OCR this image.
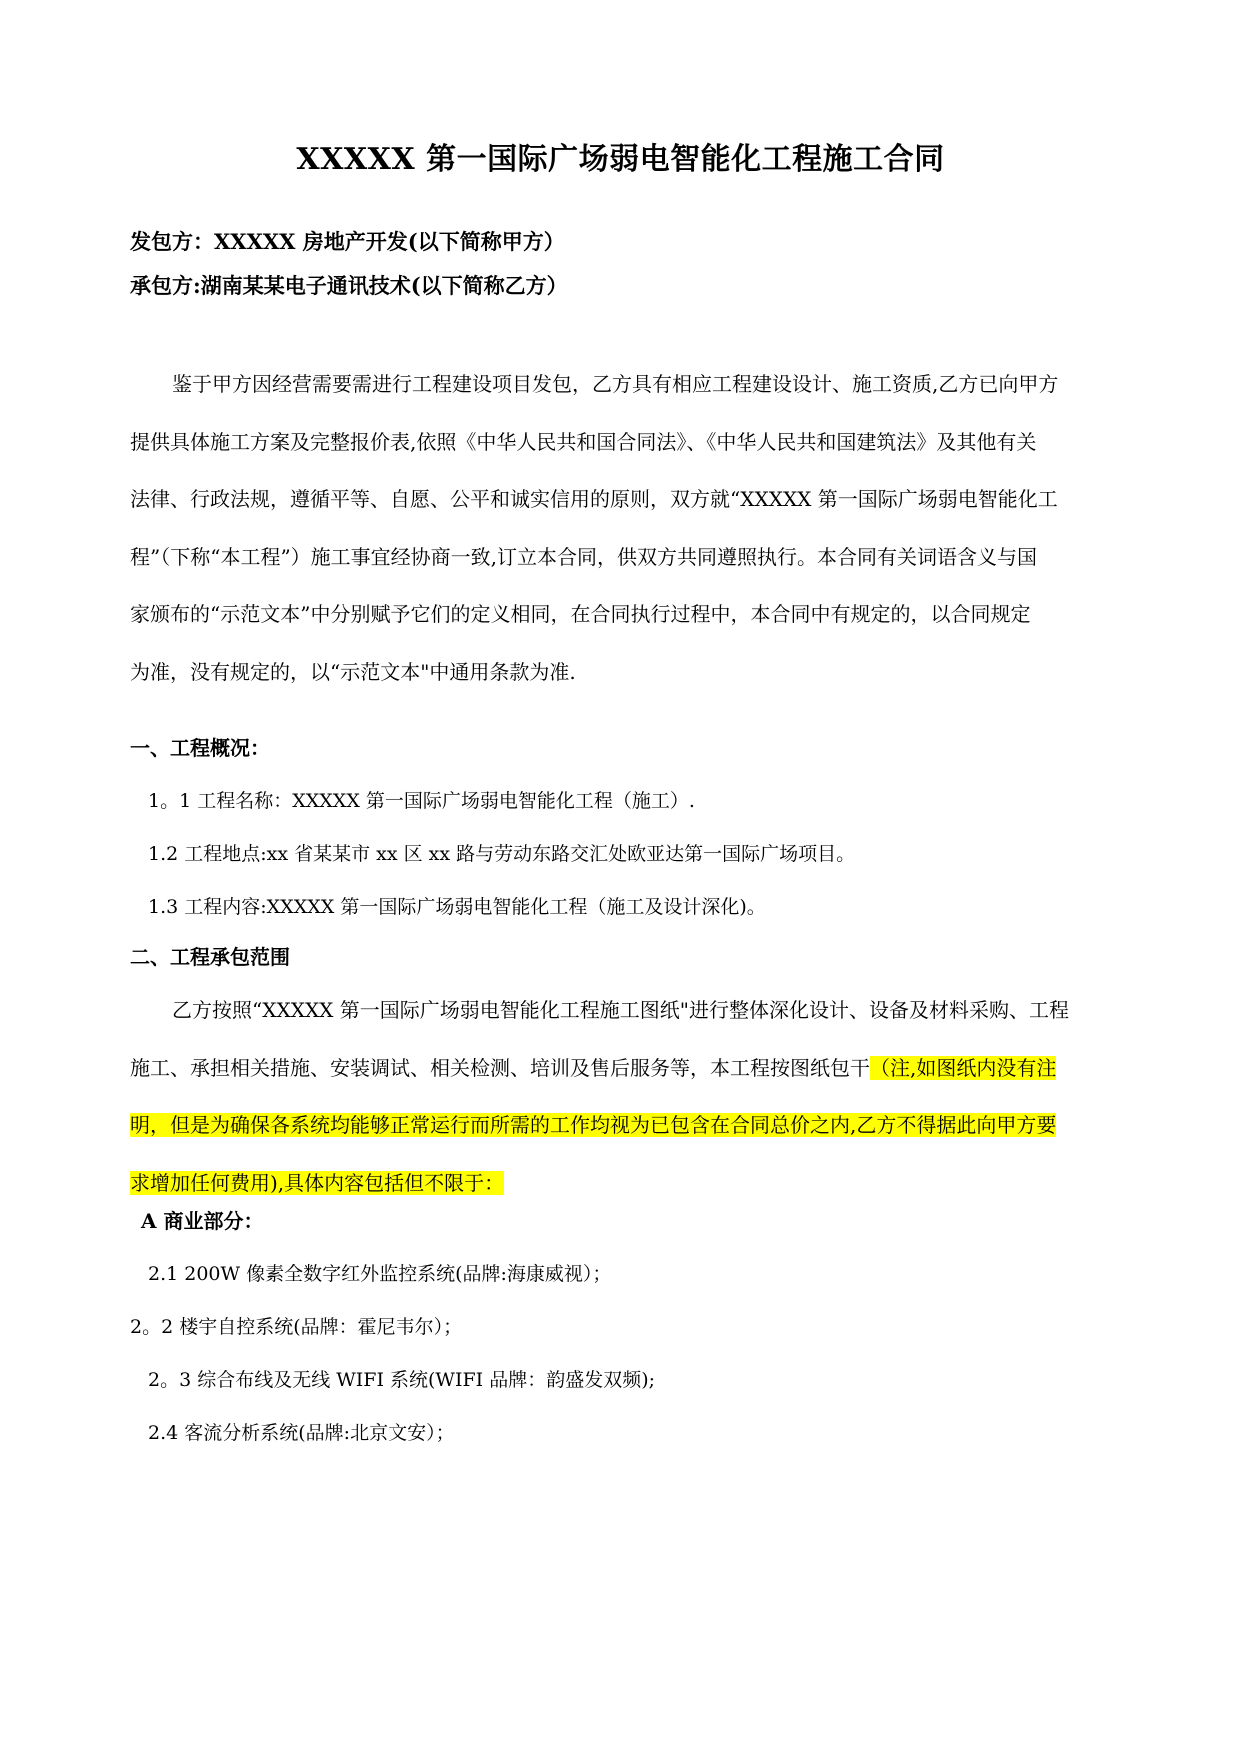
XXXXX 第一国际广场弱电智能化工程施工合同
发包方：XXXXX 房地产开发(以下简称甲方）
承包方:湖南某某电子通讯技术(以下简称乙方）
鉴于甲方因经营需要需进行工程建设项目发包，乙方具有相应工程建设设计、施工资质,乙方已向甲方
提供具体施工方案及完整报价表,依照《中华人民共和国合同法》、《中华人民共和国建筑法》及其他有关
法律、行政法规，遵循平等、自愿、公平和诚实信用的原则，双方就“XXXXX 第一国际广场弱电智能化工
程”（下称“本工程”）施工事宜经协商一致,订立本合同，供双方共同遵照执行。本合同有关词语含义与国
家颁布的“示范文本”中分别赋予它们的定义相同，在合同执行过程中，本合同中有规定的，以合同规定
为准，没有规定的，以“示范文本"中通用条款为准.
一、工程概况：
1。1 工程名称：XXXXX 第一国际广场弱电智能化工程（施工）.
1.2 工程地点:xx 省某某市 xx 区 xx 路与劳动东路交汇处欧亚达第一国际广场项目。
1.3 工程内容:XXXXX 第一国际广场弱电智能化工程（施工及设计深化)。
二、工程承包范围
乙方按照“XXXXX 第一国际广场弱电智能化工程施工图纸"进行整体深化设计、设备及材料采购、工程
施工、承担相关措施、安装调试、相关检测、培训及售后服务等，本工程按图纸包干（注,如图纸内没有注
明，但是为确保各系统均能够正常运行而所需的工作均视为已包含在合同总价之内,乙方不得据此向甲方要
求增加任何费用),具体内容包括但不限于：
A 商业部分：
2.1 200W 像素全数字红外监控系统(品牌:海康威视）；
2。2 楼宇自控系统(品牌：霍尼韦尔）；
2。3 综合布线及无线 WIFI 系统(WIFI 品牌：韵盛发双频);
2.4 客流分析系统(品牌:北京文安）；
